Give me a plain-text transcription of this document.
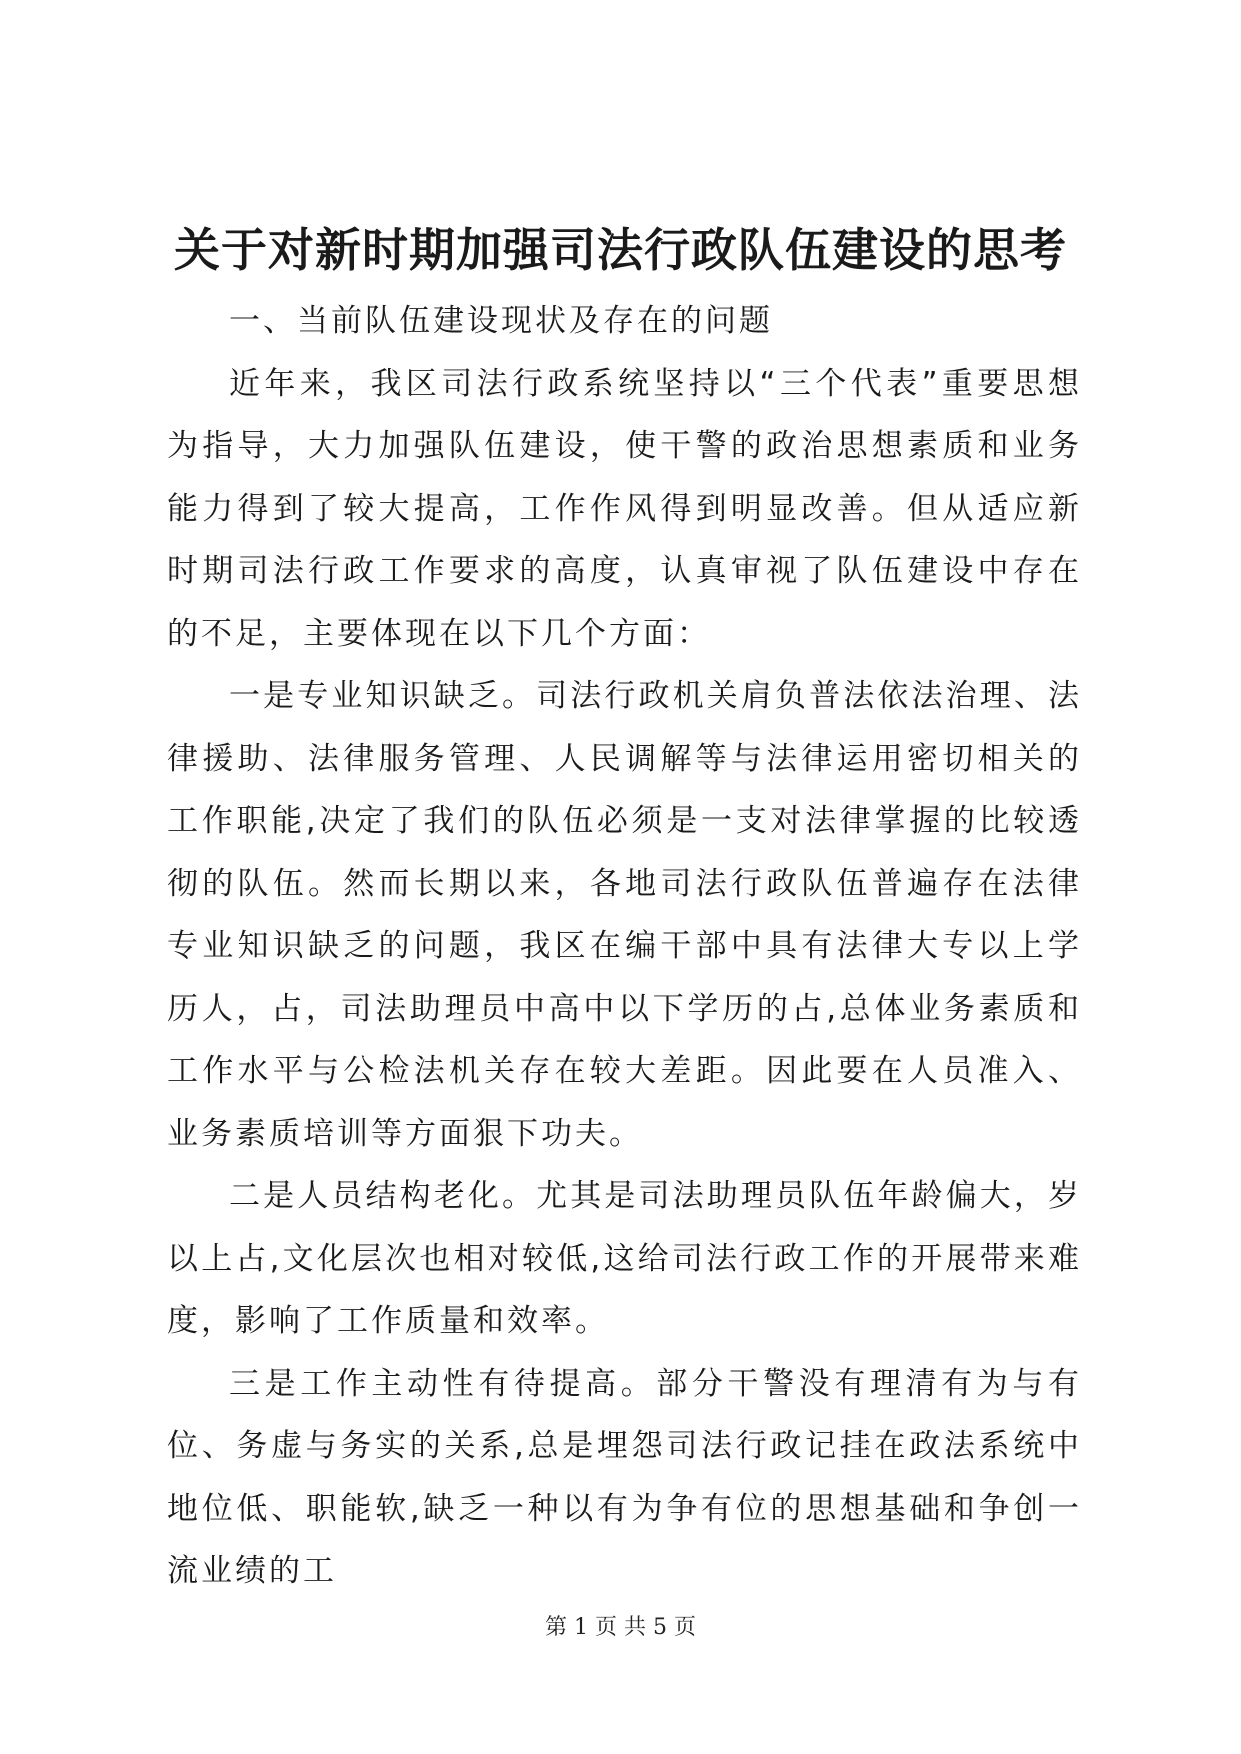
关于对新时期加强司法行政队伍建设的思考

一、当前队伍建设现状及存在的问题

近年来，我区司法行政系统坚持以“三个代表”重要思想为指导，大力加强队伍建设，使干警的政治思想素质和业务能力得到了较大提高，工作作风得到明显改善。但从适应新时期司法行政工作要求的高度，认真审视了队伍建设中存在的不足，主要体现在以下几个方面：

一是专业知识缺乏。司法行政机关肩负普法依法治理、法律援助、法律服务管理、人民调解等与法律运用密切相关的工作职能,决定了我们的队伍必须是一支对法律掌握的比较透彻的队伍。然而长期以来，各地司法行政队伍普遍存在法律专业知识缺乏的问题，我区在编干部中具有法律大专以上学历人，占，司法助理员中高中以下学历的占,总体业务素质和工作水平与公检法机关存在较大差距。因此要在人员准入、业务素质培训等方面狠下功夫。

二是人员结构老化。尤其是司法助理员队伍年龄偏大，岁以上占,文化层次也相对较低,这给司法行政工作的开展带来难度，影响了工作质量和效率。

三是工作主动性有待提高。部分干警没有理清有为与有位、务虚与务实的关系,总是埋怨司法行政记挂在政法系统中地位低、职能软,缺乏一种以有为争有位的思想基础和争创一流业绩的工

第 1 页 共 5 页
